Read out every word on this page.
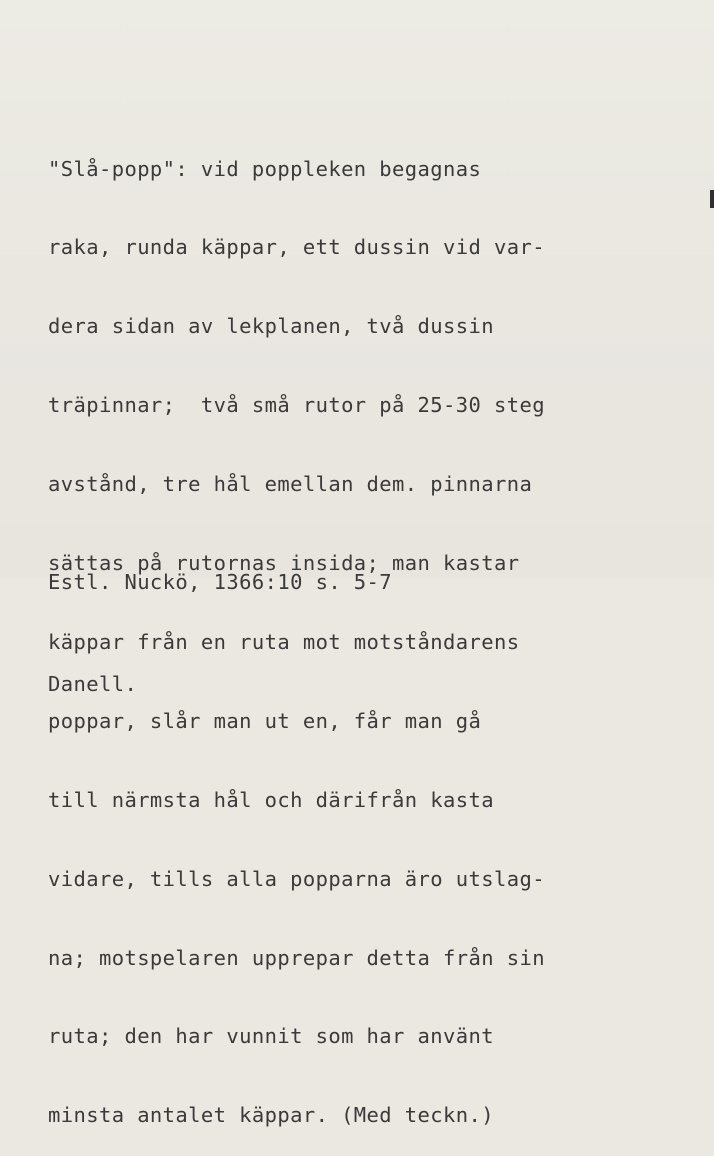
"Slå-popp": vid poppleken begagnas

raka, runda käppar, ett dussin vid var-

dera sidan av lekplanen, två dussin

träpinnar;  två små rutor på 25-30 steg

avstånd, tre hål emellan dem. pinnarna

sättas på rutornas insida; man kastar

käppar från en ruta mot motståndarens

poppar, slår man ut en, får man gå

till närmsta hål och därifrån kasta

vidare, tills alla popparna äro utslag-

na; motspelaren upprepar detta från sin

ruta; den har vunnit som har använt

minsta antalet käppar. (Med teckn.)

Estl. Nuckö, 1366:10 s. 5-7

Danell.
